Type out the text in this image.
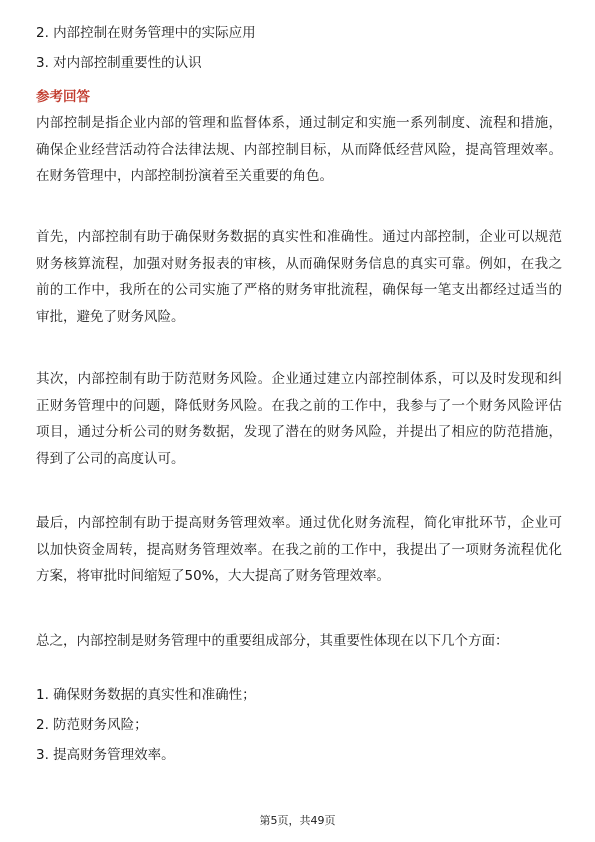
2. 内部控制在财务管理中的实际应用
3. 对内部控制重要性的认识
参考回答
内部控制是指企业内部的管理和监督体系，通过制定和实施一系列制度、流程和措施，确保企业经营活动符合法律法规、内部控制目标，从而降低经营风险，提高管理效率。在财务管理中，内部控制扮演着至关重要的角色。
首先，内部控制有助于确保财务数据的真实性和准确性。通过内部控制，企业可以规范财务核算流程，加强对财务报表的审核，从而确保财务信息的真实可靠。例如，在我之前的工作中，我所在的公司实施了严格的财务审批流程，确保每一笔支出都经过适当的审批，避免了财务风险。
其次，内部控制有助于防范财务风险。企业通过建立内部控制体系，可以及时发现和纠正财务管理中的问题，降低财务风险。在我之前的工作中，我参与了一个财务风险评估项目，通过分析公司的财务数据，发现了潜在的财务风险，并提出了相应的防范措施，得到了公司的高度认可。
最后，内部控制有助于提高财务管理效率。通过优化财务流程，简化审批环节，企业可以加快资金周转，提高财务管理效率。在我之前的工作中，我提出了一项财务流程优化方案，将审批时间缩短了50%，大大提高了财务管理效率。
总之，内部控制是财务管理中的重要组成部分，其重要性体现在以下几个方面：
1. 确保财务数据的真实性和准确性；
2. 防范财务风险；
3. 提高财务管理效率。
第5页，共49页
